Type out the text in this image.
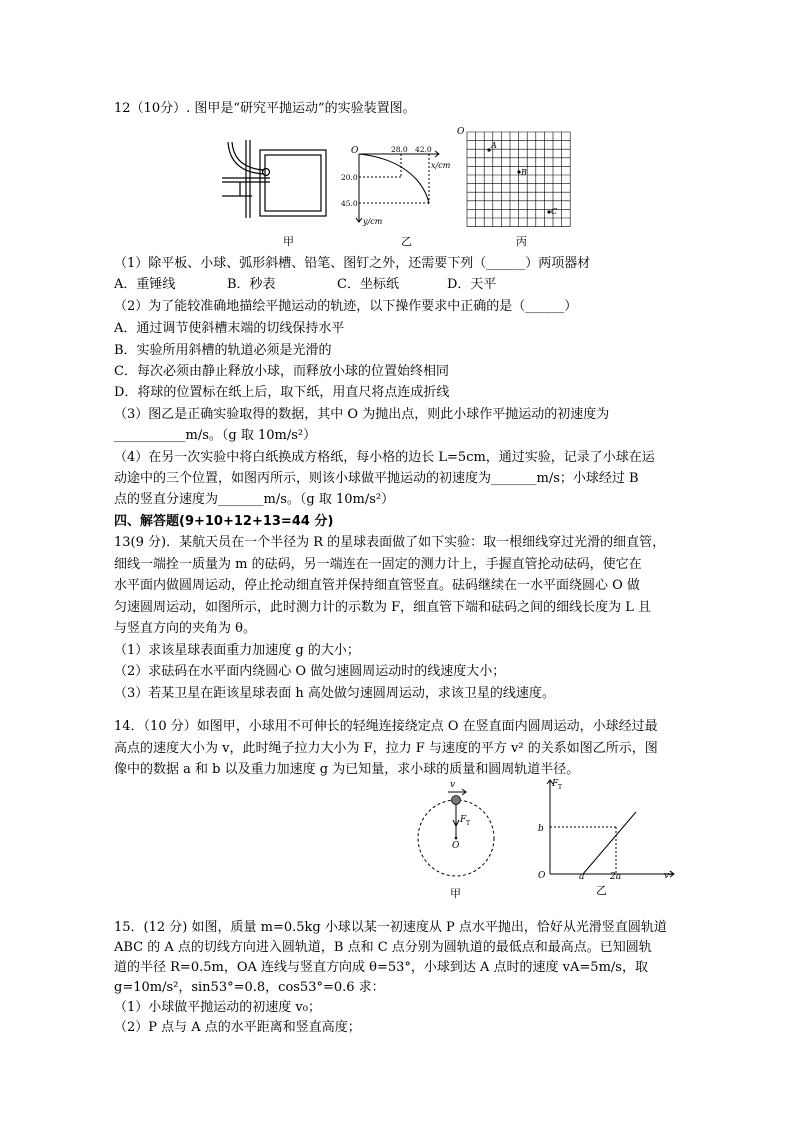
12（10分）. 图甲是“研究平抛运动”的实验装置图。
甲
O	28.0 42.0
x/cm
20.0
45.0
y/cm
乙
O
A
B
C
丙
（1）除平板、小球、弧形斜槽、铅笔、图钉之外，还需要下列（______）两项器材
A．重锤线	B．秒表	C．坐标纸	D．天平
（2）为了能较准确地描绘平抛运动的轨迹，以下操作要求中正确的是（______）
A．通过调节使斜槽末端的切线保持水平
B．实验所用斜槽的轨道必须是光滑的
C．每次必须由静止释放小球，而释放小球的位置始终相同
D．将球的位置标在纸上后，取下纸，用直尺将点连成折线
（3）图乙是正确实验取得的数据，其中 O 为抛出点，则此小球作平抛运动的初速度为
___________m/s。（g 取 10m/s²）
（4）在另一次实验中将白纸换成方格纸，每小格的边长 L=5cm，通过实验，记录了小球在运
动途中的三个位置，如图丙所示，则该小球做平抛运动的初速度为_______m/s；小球经过 B
点的竖直分速度为_______m/s。（g 取 10m/s²）
四、解答题(9+10+12+13=44 分)
13(9 分)．某航天员在一个半径为 R 的星球表面做了如下实验：取一根细线穿过光滑的细直管，
细线一端拴一质量为 m 的砝码，另一端连在一固定的测力计上，手握直管抡动砝码，使它在
水平面内做圆周运动，停止抡动细直管并保持细直管竖直。砝码继续在一水平面绕圆心 O 做
匀速圆周运动，如图所示，此时测力计的示数为 F，细直管下端和砝码之间的细线长度为 L 且
与竖直方向的夹角为 θ。
（1）求该星球表面重力加速度 g 的大小；
（2）求砝码在水平面内绕圆心 O 做匀速圆周运动时的线速度大小；
（3）若某卫星在距该星球表面 h 高处做匀速圆周运动，求该卫星的线速度。
14．（10 分）如图甲，小球用不可伸长的轻绳连接绕定点 O 在竖直面内圆周运动，小球经过最
高点的速度大小为 v，此时绳子拉力大小为 F，拉力 F 与速度的平方 v² 的关系如图乙所示，图
像中的数据 a 和 b 以及重力加速度 g 为已知量，求小球的质量和圆周轨道半径。
v
F T
O
甲
F T
b
O	a	2a	v²
乙
15．(12 分) 如图，质量 m=0.5kg 小球以某一初速度从 P 点水平抛出，恰好从光滑竖直圆轨道
ABC 的 A 点的切线方向进入圆轨道，B 点和 C 点分别为圆轨道的最低点和最高点。已知圆轨
道的半径 R=0.5m，OA 连线与竖直方向成 θ=53°，小球到达 A 点时的速度 vA=5m/s，取
g=10m/s²，sin53°=0.8，cos53°=0.6 求：
（1）小球做平抛运动的初速度 v₀；
（2）P 点与 A 点的水平距离和竖直高度；
